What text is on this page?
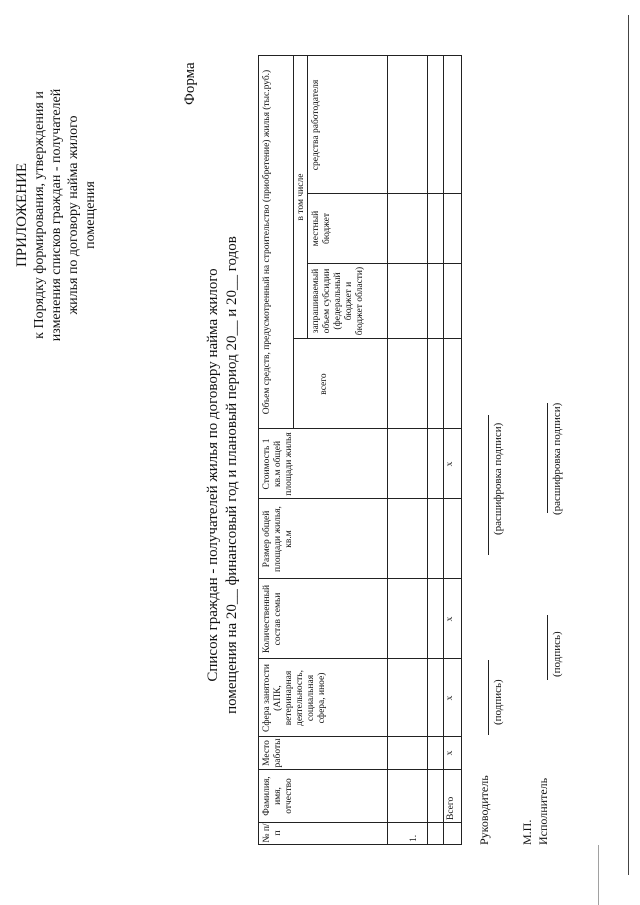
ПРИЛОЖЕНИЕ к Порядку формирования, утверждения и изменения списков граждан - получателей жилья по договору найма жилого помещения
Форма
Список граждан - получателей жилья по договору найма жилого помещения на 20__ финансовый год и плановый период 20__ и 20__ годов
№ п/п
Фамилия, имя, отчество
Место работы
Сфера занятости (АПК, ветеринарная деятельность, социальная сфера, иное)
Количественный состав семьи
Размер общей площади жилья, кв.м
Стоимость 1 кв.м общей площади жилья
Объем средств, предусмотренный на строительство (приобретение) жилья (тыс.руб.)	всего
в том числе
запрашиваемый объем субсидии (федеральный бюджет и бюджет области)
местный бюджет
средства работодателя
1.
Всего
х
х
х
х
Руководитель
(подпись)
(расшифровка подписи)
М.П. Исполнитель
(подпись)
(расшифровка подписи)
